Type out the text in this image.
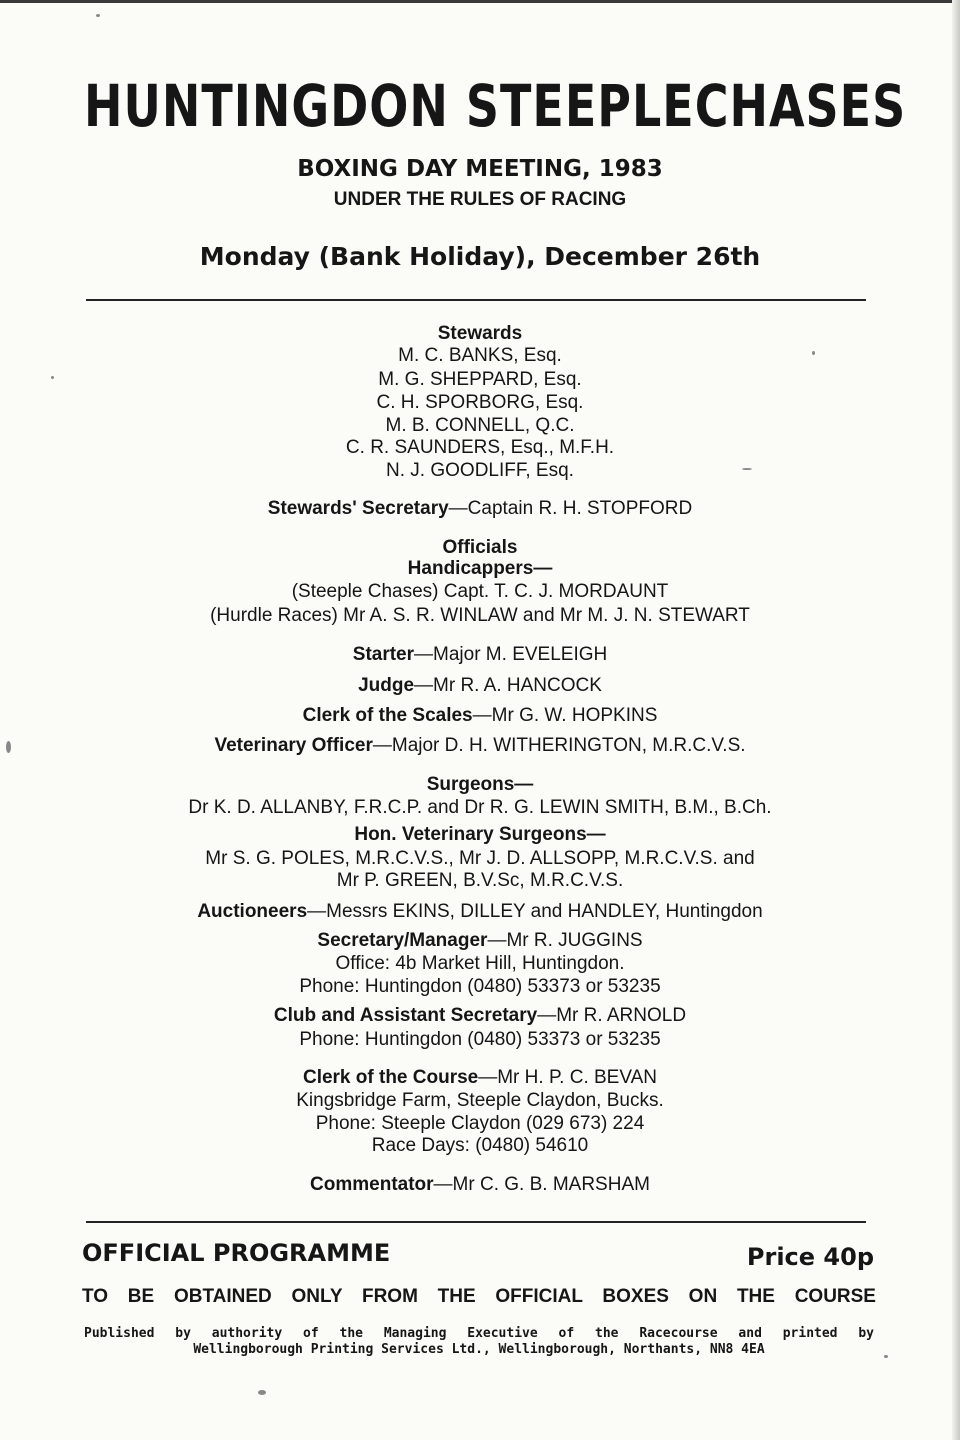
HUNTINGDON STEEPLECHASES
BOXING DAY MEETING, 1983
UNDER THE RULES OF RACING
Monday (Bank Holiday), December 26th
Stewards
M. C. BANKS, Esq.
M. G. SHEPPARD, Esq.
C. H. SPORBORG, Esq.
M. B. CONNELL, Q.C.
C. R. SAUNDERS, Esq., M.F.H.
N. J. GOODLIFF, Esq.
Stewards' Secretary—Captain R. H. STOPFORD
Officials
Handicappers—
(Steeple Chases) Capt. T. C. J. MORDAUNT
(Hurdle Races) Mr A. S. R. WINLAW and Mr M. J. N. STEWART
Starter—Major M. EVELEIGH
Judge—Mr R. A. HANCOCK
Clerk of the Scales—Mr G. W. HOPKINS
Veterinary Officer—Major D. H. WITHERINGTON, M.R.C.V.S.
Surgeons—
Dr K. D. ALLANBY, F.R.C.P. and Dr R. G. LEWIN SMITH, B.M., B.Ch.
Hon. Veterinary Surgeons—
Mr S. G. POLES, M.R.C.V.S., Mr J. D. ALLSOPP, M.R.C.V.S. and
Mr P. GREEN, B.V.Sc, M.R.C.V.S.
Auctioneers—Messrs EKINS, DILLEY and HANDLEY, Huntingdon
Secretary/Manager—Mr R. JUGGINS
Office: 4b Market Hill, Huntingdon.
Phone: Huntingdon (0480) 53373 or 53235
Club and Assistant Secretary—Mr R. ARNOLD
Phone: Huntingdon (0480) 53373 or 53235
Clerk of the Course—Mr H. P. C. BEVAN
Kingsbridge Farm, Steeple Claydon, Bucks.
Phone: Steeple Claydon (029 673) 224
Race Days: (0480) 54610
Commentator—Mr C. G. B. MARSHAM
OFFICIAL PROGRAMME	Price 40p
TO BE OBTAINED ONLY FROM THE OFFICIAL BOXES ON THE COURSE
Published by authority of the Managing Executive of the Racecourse and printed by
Wellingborough Printing Services Ltd., Wellingborough, Northants, NN8 4EA
